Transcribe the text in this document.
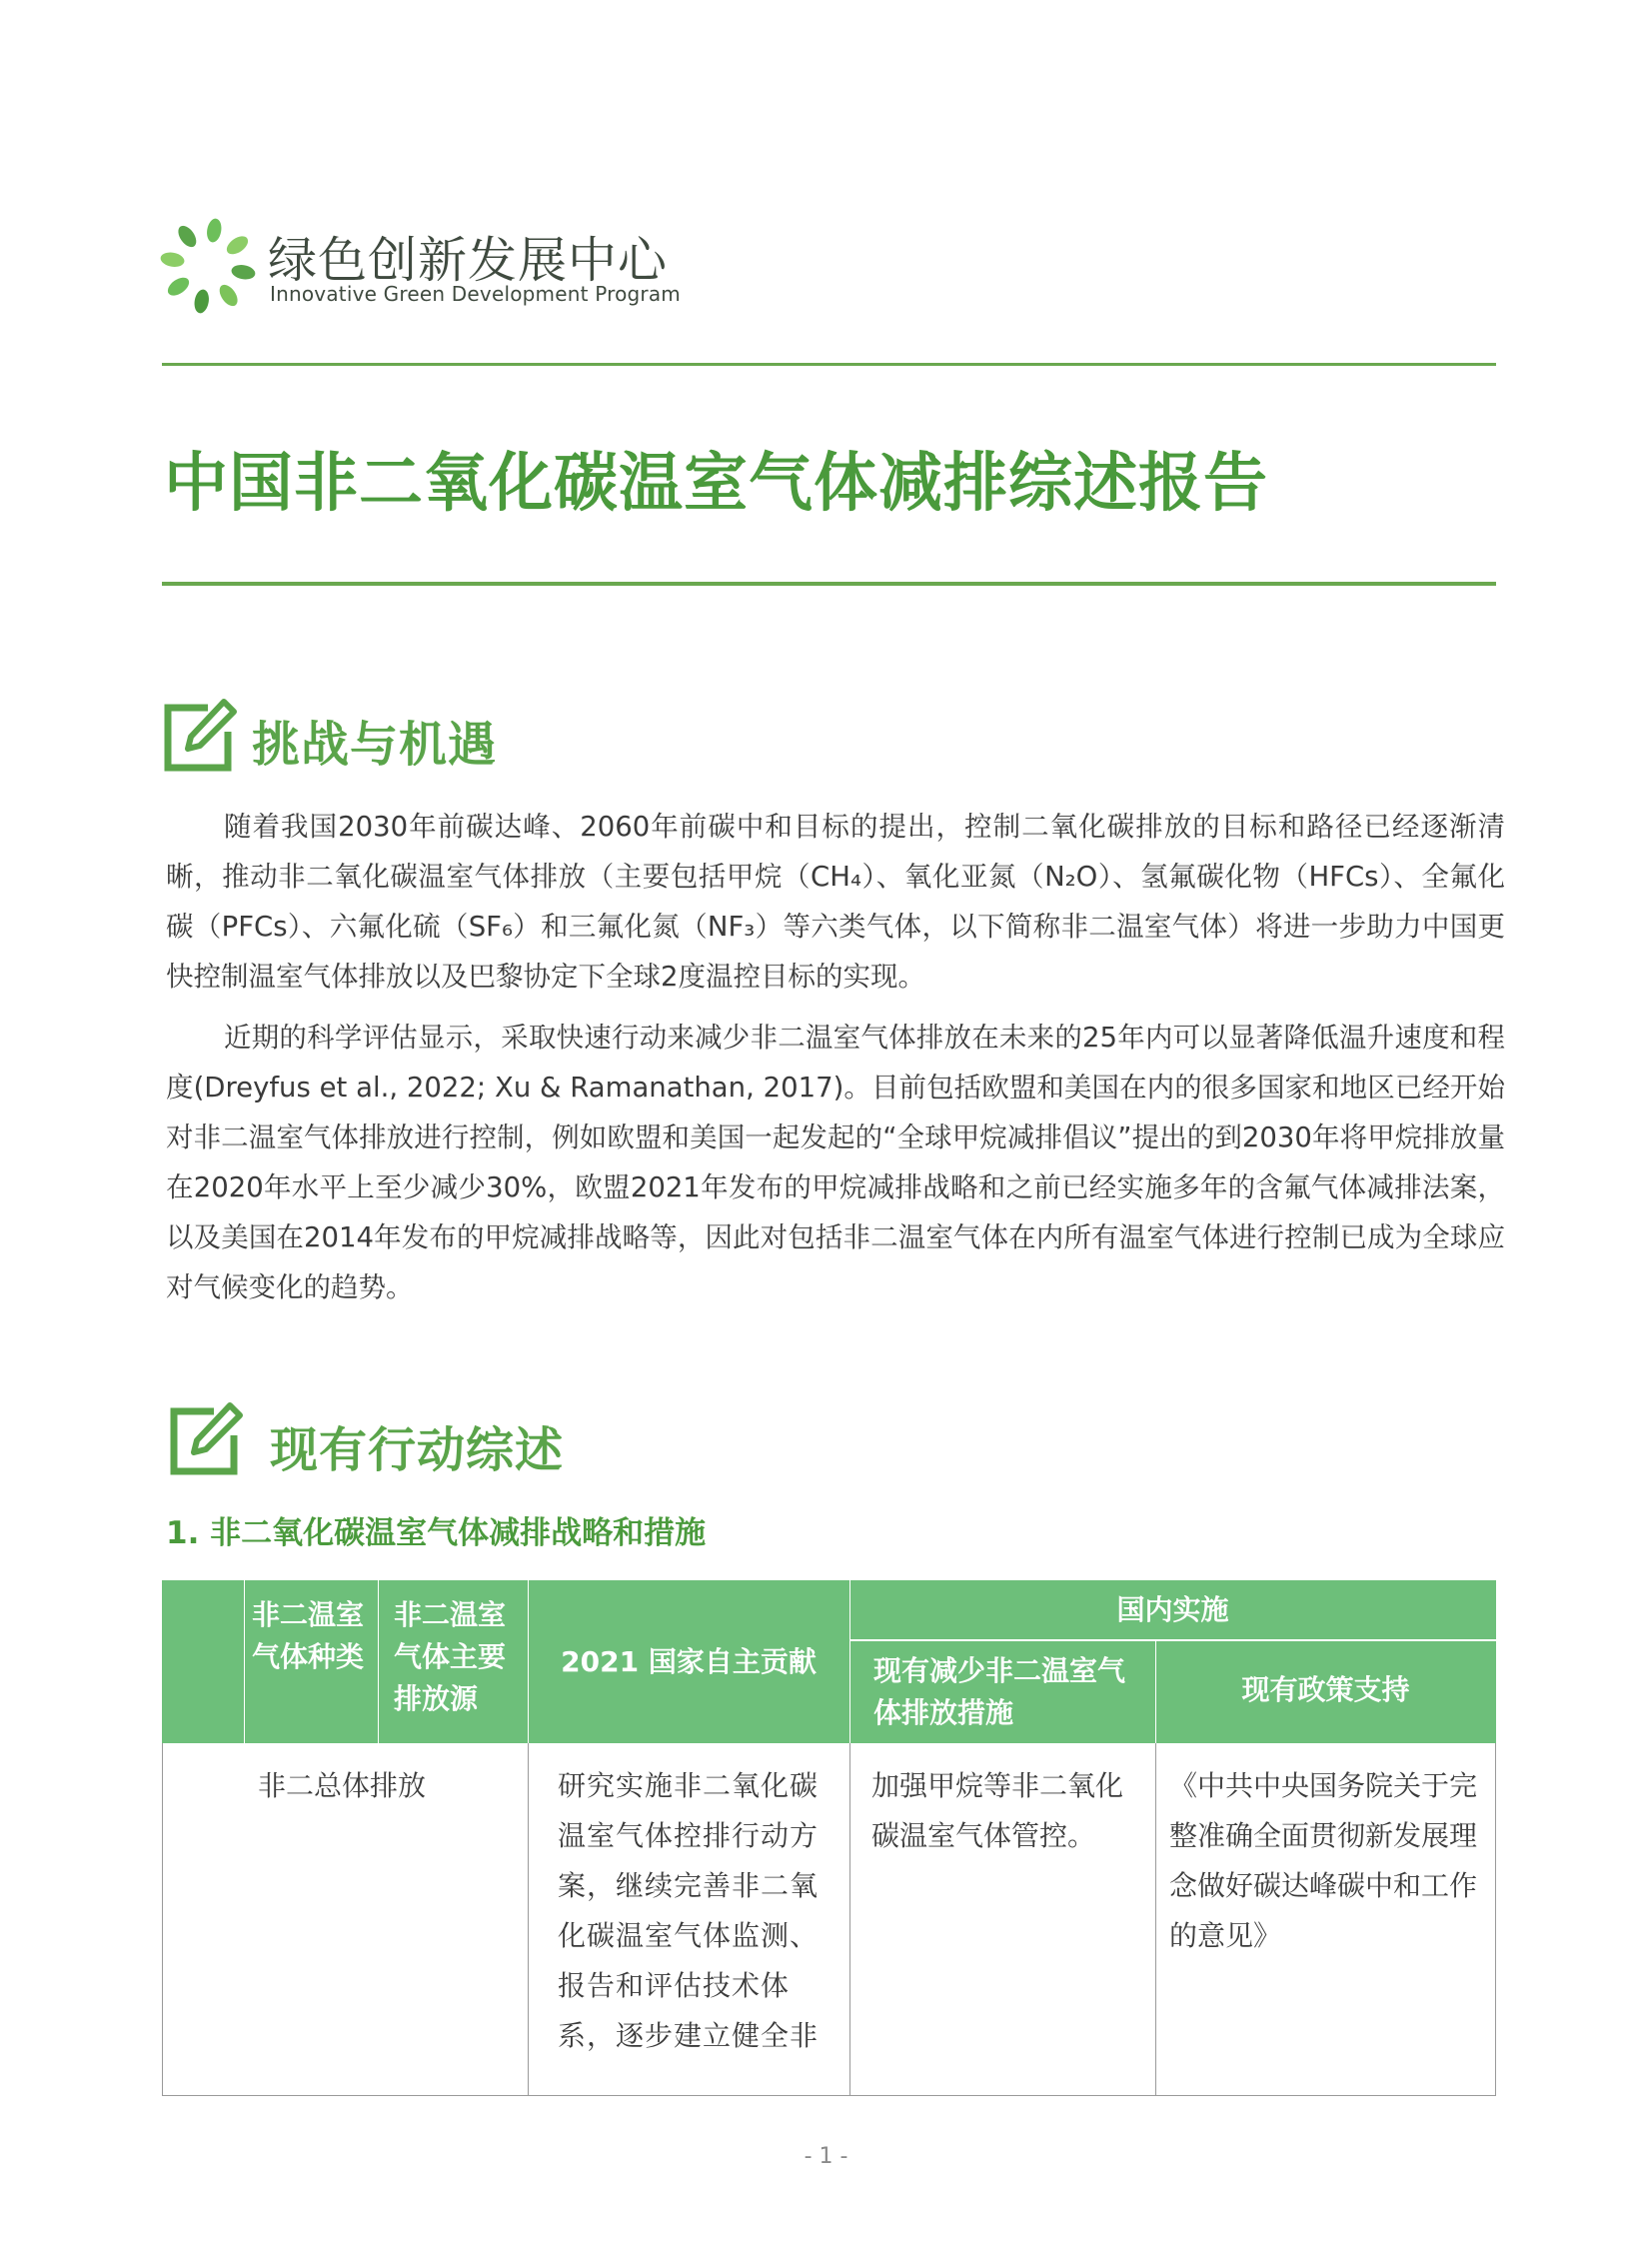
绿色创新发展中心
Innovative Green Development Program
中国非二氧化碳温室气体减排综述报告
挑战与机遇

随着我国2030年前碳达峰、2060年前碳中和目标的提出，控制二氧化碳排放的目标和路径已经逐渐清晰，推动非二氧化碳温室气体排放（主要包括甲烷（CH₄）、氧化亚氮（N₂O）、氢氟碳化物（HFCs）、全氟化碳（PFCs）、六氟化硫（SF₆）和三氟化氮（NF₃）等六类气体，以下简称非二温室气体）将进一步助力中国更快控制温室气体排放以及巴黎协定下全球2度温控目标的实现。

近期的科学评估显示，采取快速行动来减少非二温室气体排放在未来的25年内可以显著降低温升速度和程度(Dreyfus et al., 2022; Xu & Ramanathan, 2017)。目前包括欧盟和美国在内的很多国家和地区已经开始对非二温室气体排放进行控制，例如欧盟和美国一起发起的“全球甲烷减排倡议”提出的到2030年将甲烷排放量在2020年水平上至少减少30%，欧盟2021年发布的甲烷减排战略和之前已经实施多年的含氟气体减排法案，以及美国在2014年发布的甲烷减排战略等，因此对包括非二温室气体在内所有温室气体进行控制已成为全球应对气候变化的趋势。

现有行动综述
1. 非二氧化碳温室气体减排战略和措施
非二温室气体种类
非二温室气体主要排放源
2021 国家自主贡献
国内实施
现有减少非二温室气体排放措施
现有政策支持
非二总体排放	研究实施非二氧化碳温室气体控排行动方案，继续完善非二氧化碳温室气体监测、报告和评估技术体系，逐步建立健全非
加强甲烷等非二氧化碳温室气体管控。
《中共中央国务院关于完整准确全面贯彻新发展理念做好碳达峰碳中和工作的意见》
- 1 -
